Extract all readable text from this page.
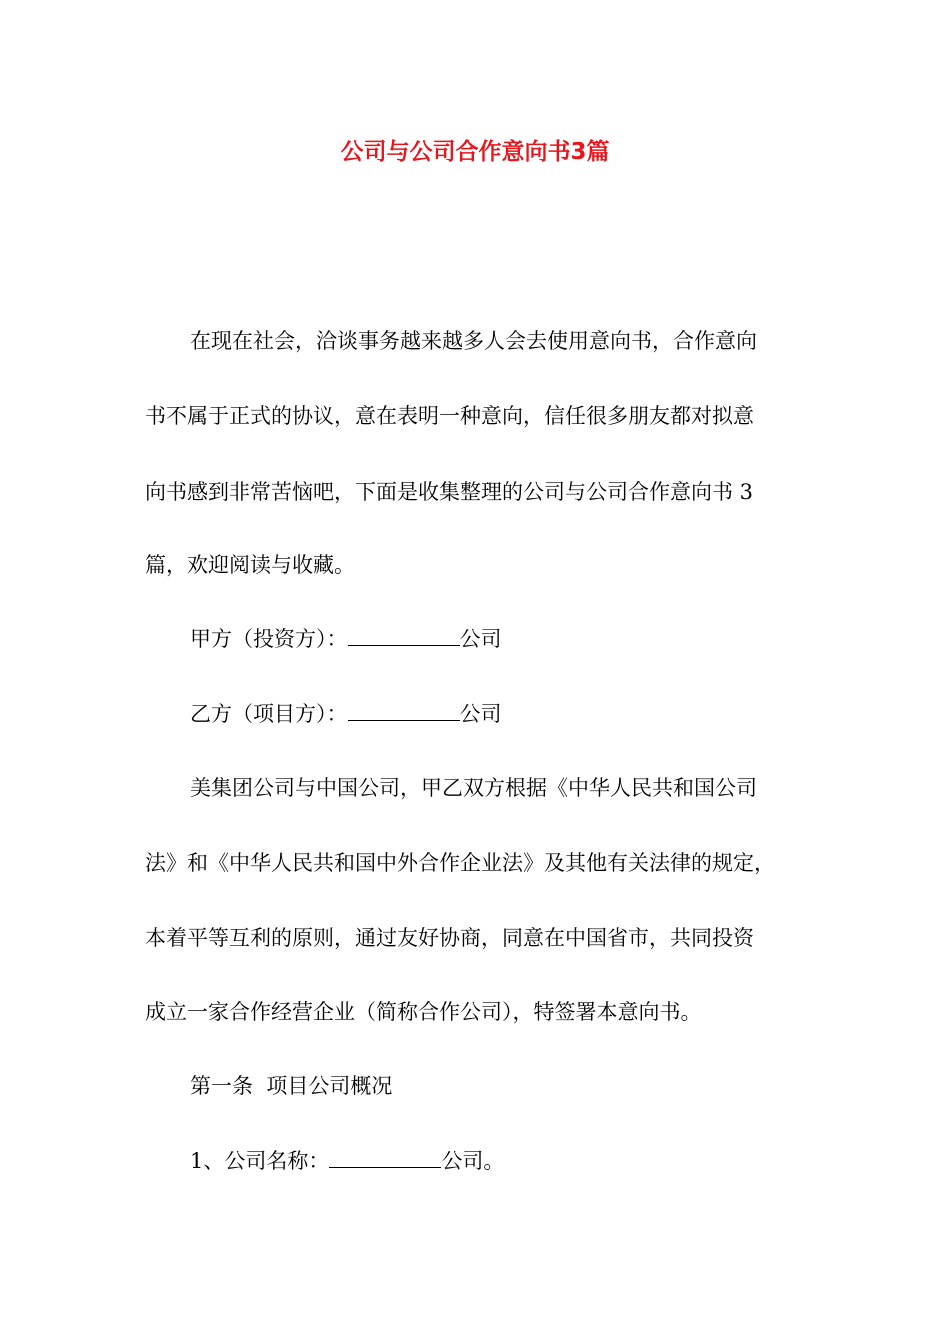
公司与公司合作意向书3篇

在现在社会，洽谈事务越来越多人会去使用意向书，合作意向

书不属于正式的协议，意在表明一种意向，信任很多朋友都对拟意

向书感到非常苦恼吧，下面是收集整理的公司与公司合作意向书 3

篇，欢迎阅读与收藏。

甲方（投资方）：	公司

乙方（项目方）：	公司

美集团公司与中国公司，甲乙双方根据《中华人民共和国公司

法》和《中华人民共和国中外合作企业法》及其他有关法律的规定，

本着平等互利的原则，通过友好协商，同意在中国省市，共同投资

成立一家合作经营企业（简称合作公司），特签署本意向书。

第一条  项目公司概况

1、公司名称：	公司。
